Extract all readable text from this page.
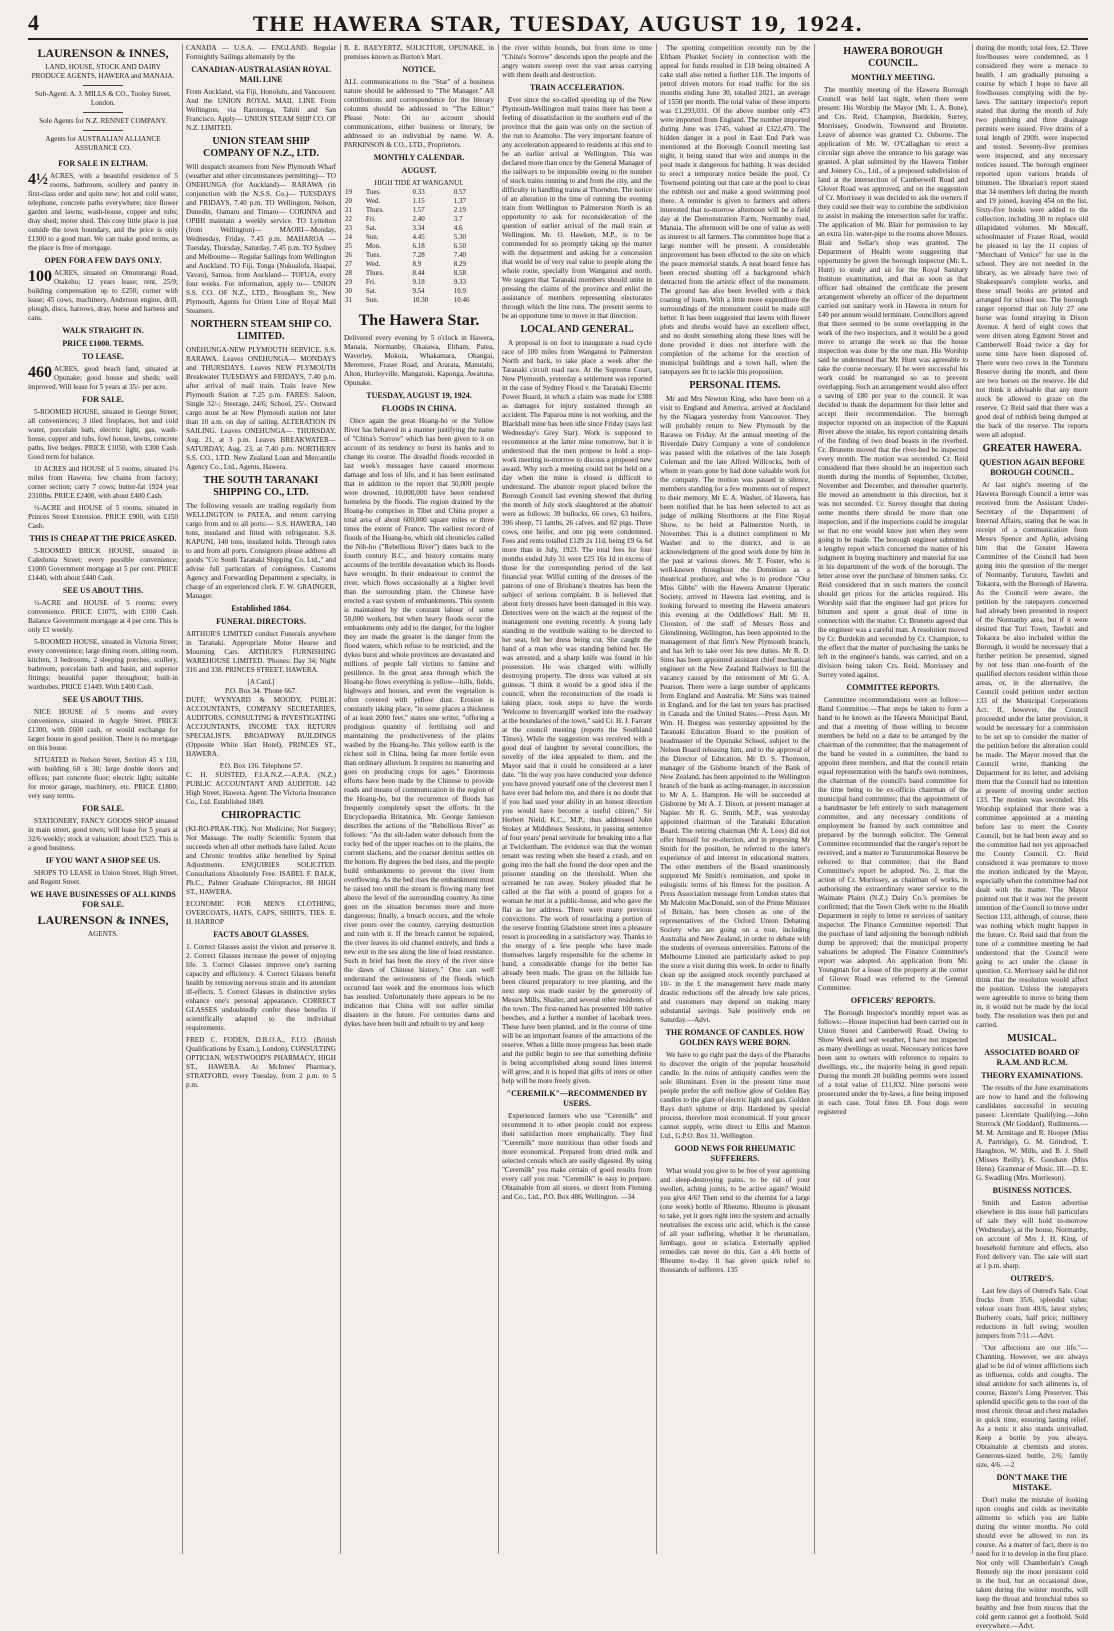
4	THE HAWERA STAR, TUESDAY, AUGUST 19, 1924.
LAURENSON & INNES,
LAND, HOUSE, STOCK AND DAIRY PRODUCE AGENTS, HAWERA and MANAIA.
Sub-Agent: A. J. MILLS & CO., Tooley Street, London.
Sole Agents for N.Z. RENNET COMPANY.
Agents for AUSTRALIAN ALLIANCE ASSURANCE CO.
FOR SALE IN ELTHAM.

4½ ACRES, with a beautiful residence of 5 rooms, bathroom, scullery and pantry in first-class order and quite new; hot and cold water, telephone, concrete paths everywhere; nice flower garden and lawns; wash-house, copper and tubs; dray shed; motor shed. This cosy little place is just outside the town boundary, and the price is only £1300 to a good man. We can make good terms, as the place is free of mortgage.

OPEN FOR A FEW DAYS ONLY.

100 ACRES, situated on Omuturangi Road, Otakeho; 12 years lease; rent, 25/9; building compensation up to £250; corner with lease; 45 cows, machinery, Anderson engine, drill, plough, discs, harrows, dray, horse and harness and cans.

WALK STRAIGHT IN.
PRICE £1000. TERMS.
TO LEASE.

460 ACRES, good beach land, situated at Opunake; good house and sheds; well improved. Will lease for 5 years at 35/- per acre.

FOR SALE.

5-ROOMED HOUSE, situated in George Street; all conveniences; 3 tiled fireplaces, hot and cold water, porcelain bath, electric light, gas, wash-house, copper and tubs, fowl house, lawns, concrete paths, live hedges. PRICE £1050, with £300 Cash. Good term for balance.

10 ACRES and HOUSE of 5 rooms, situated 1¼ miles from Hawera; few chains from factory; corner section; carry 7 cows; butter-fat 1924 year 2310lbs. PRICE £2400, with about £400 Cash.

½-ACRE and HOUSE of 5 rooms, situated in Princes Street Extension. PRICE £900, with £150 Cash.

THIS IS CHEAP AT THE PRICE ASKED.

5-ROOMED BRICK HOUSE, situated in Caledonia Street; every possible convenience; £1000 Government mortgage at 5 per cent. PRICE £1440, with about £440 Cash.

SEE US ABOUT THIS.

½-ACRE and HOUSE of 5 rooms; every convenience. PRICE £1075, with £100 Cash. Balance Government mortgage at 4 per cent. This is only £1 weekly.

5-ROOMED HOUSE, situated in Victoria Street; every convenience; large dining room, sitting room, kitchen, 3 bedrooms, 2 sleeping porches, scullery, bathroom, porcelain bath and basin, and superior fittings; beautiful paper throughout; built-in wardrobes. PRICE £1449. With £400 Cash.

SEE US ABOUT THIS.

NICE HOUSE of 5 rooms and every convenience, situated in Argyle Street. PRICE £1300, with £600 cash, or would exchange for larger house in good position. There is no mortgage on this house.

SITUATED in Nelson Street, Section 45 x 110, with building 60 x 30; large double doors and offices; part concrete floor; electric light; suitable for motor garage, machinery, etc. PRICE £1800; very easy terms.

FOR SALE.

STATIONERY, FANCY GOODS SHOP situated in main street, good town; will lease for 5 years at 32/6 weekly; stock at valuation; about £525. This is a good business.

IF YOU WANT A SHOP SEE US.

SHOPS TO LEASE in Union Street, High Street, and Regent Street.

WE HAVE BUSINESSES OF ALL KINDS FOR SALE.
LAURENSON & INNES,
AGENTS.

CANADA — U.S.A. — ENGLAND. Regular Fortnightly Sailings alternately by the

CANADIAN-AUSTRALASIAN ROYAL MAIL LINE

From Auckland, via Fiji, Honolulu, and Vancouver. And the UNION ROYAL MAIL LINE From Wellington, via Rarotonga, Tahiti and San Francisco. Apply— UNION STEAM SHIP CO. OF N.Z. LIMITED.

UNION STEAM SHIP COMPANY OF N.Z., LTD.

Will despatch steamers from New Plymouth Wharf (weather and other circumstances permitting)— TO ONEHUNGA (for Auckland)— RARAWA (in conjunction with the N.S.S. Co.)— TUESDAYS and FRIDAYS, 7.40 p.m. TO Wellington, Nelson, Dunedin, Oamaru and Timaru— CORINNA and OPIHI maintain a weekly service. TO Lyttelton (from Wellington)— MAORI—Monday, Wednesday, Friday, 7.45 p.m. MAHAROA — Tuesday, Thursday, Saturday, 7.45 p.m. TO Sydney and Melbourne— Regular Sailings from Wellington and Auckland. TO Fiji, Tonga (Nukualofa, Haapai, Vavau), Samoa, from Auckland— TOFUA, every four weeks. For information, apply to— UNION S.S. CO. OF N.Z., LTD., Brougham St., New Plymouth, Agents for Orient Line of Royal Mail Steamers.

NORTHERN STEAM SHIP CO. LIMITED.

ONEHUNGA-NEW PLYMOUTH SERVICE. S.S. RARAWA. Leaves ONEHUNGA— MONDAYS and THURSDAYS. Leaves NEW PLYMOUTH Breakwater TUESDAYS and FRIDAYS, 7.40 p.m. after arrival of mail train. Train leave New Plymouth Station at 7.25 p.m. FARES: Saloon, Single 32/-; Steerage, 24/6; School, 25/-. Outward cargo must be at New Plymouth station not later than 10 a.m. on day of sailing. ALTERATION IN SAILING. Leaves ONEHUNGA— THURSDAY, Aug. 21, at 3 p.m. Leaves BREAKWATER— SATURDAY, Aug. 23, at 7.40 p.m. NORTHERN S.S. CO., LTD. New Zealand Loan and Mercantile Agency Co., Ltd., Agents, Hawera.

THE SOUTH TARANAKI SHIPPING CO., LTD.

The following vessels are trading regularly from WELLINGTON to PATEA, and return carrying cargo from and to all ports:— S.S. HAWERA, 140 tons, insulated and fitted with refrigerator. S.S. KAPUNI, 140 tons, insulated holds. Through rates to and from all ports. Consignors please address all goods "C/o South Taranaki Shipping Co. Ltd.," and advise full particulars of consignees. Customs Agency and Forwarding Department a specialty, in charge of an experienced clerk. F. W. GRAINGER, Manager.

Established 1864.
FUNERAL DIRECTORS.

ARTHUR'S LIMITED conduct Funerals anywhere in Taranaki. Appropriate Motor Hearse and Mourning Cars. ARTHUR'S FURNISHING WAREHOUSE LIMITED. 'Phones: Day 34; Night 316 and 338. PRINCES STREET, HAWERA.

[A Card.]
P.O. Box 34. 'Phone 667.

DUFF, WYNYARD & MOODY, PUBLIC ACCOUNTANTS, COMPANY SECRETARIES, AUDITORS, CONSULTING & INVESTIGATING ACCOUNTANTS, INCOME TAX RETURN SPECIALISTS. BROADWAY BUILDINGS (Opposite White Hart Hotel), PRINCES ST., HAWERA.

P.O. Box 136. Telephone 57.

C. H. SUISTED, F.I.A.N.Z.—A.P.A. (N.Z.) PUBLIC ACCOUNTANT AND AUDITOR. 142 High Street, Hawera. Agent: The Victoria Insurance Co., Ltd. Established 1849.

CHIROPRACTIC

(KI-RO-PRAK-TIK). Not Medicine; Not Surgery; Not Massage. The really Scientific System that succeeds when all other methods have failed. Acute and Chronic troubles alike benefited by Spinal Adjustments. ENQUIRIES SOLICITED. Consultations Absolutely Free. ISABEL F. BALK, Ph.C., Palmer Graduate Chiropractor, 88 HIGH ST., HAWERA.

ECONOMIC FOR MEN'S CLOTHING, OVERCOATS, HATS, CAPS, SHIRTS, TIES. E. H. HARROP

FACTS ABOUT GLASSES.

1. Correct Glasses assist the vision and preserve it. 2. Correct Glasses increase the power of enjoying life. 3. Correct Glasses improve one's earning capacity and efficiency. 4. Correct Glasses benefit health by removing nervous strain and its attendant ill-effects. 5. Correct Glasses in distinctive styles enhance one's personal appearance. CORRECT GLASSES undoubtedly confer these benefits if scientifically adapted to the individual requirements.

FRED C. FODEN, D.B.O.A., F.I.O. (British Qualifications by Exam.), London), CONSULTING OPTICIAN, WESTWOOD'S PHARMACY, HIGH ST., HAWERA. At McInnes' Pharmacy, STRATFORD, every Tuesday, from 2 p.m. to 5 p.m.

R. E. BAEYERTZ, SOLICITOR, OPUNAKE, in premises known as Burton's Mart.

NOTICE.

ALL communications to the "Star" of a business nature should be addressed to "The Manager." All contributions and correspondence for the literary columns should be addressed to "The Editor." Please Note: On no account should communications, either business or literary, be addressed to an individual by name. W. A. PARKINSON & CO., LTD., Proprietors.

MONTHLY CALENDAR.
AUGUST.
HIGH TIDE AT WANGANUI.
19	Tues.	0.33	0.57
20	Wed.	1.15	1.37
21	Thurs.	1.57	2.19
22	Fri.	2.40	3.7
23	Sat.	3.34	4.6
24	Sun.	4.45	5.30
25	Mon.	6.18	6.50
26	Tues.	7.28	7.40
27	Wed.	8.9	8.29
28	Thurs.	8.44	8.58
29	Fri.	9.18	9.33
30	Sat.	9.54	10.9
31	Sun.	10.30	10.46
The Hawera Star.

Delivered every evening by 5 o'clock in Hawera, Manaia, Normanby, Okaiawa, Eltham, Patea, Waverley, Mokoia, Whakamara, Ohangai, Meremere, Fraser Road, and Ararata, Manutahi, Alton, Hurleyville, Mangatoki, Kaponga, Awatuna, Opunake.

TUESDAY, AUGUST 19, 1924.
FLOODS IN CHINA.

Once again the great Hoang-ho or the Yellow River has behaved in a manner justifying the name of "China's Sorrow" which has been given to it on account of its tendency to burst its banks and to change its course. The dreadful floods recorded in last week's messages have caused enormous damage and loss of life, and it has been estimated that in addition to the report that 50,000 people were drowned, 10,000,000 have been rendered homeless by the floods. The region drained by the Hoang-ho comprises in Tibet and China proper a total area of about 600,000 square miles or three times the extent of France. The earliest record of floods of the Hoang-ho, which old chronicles called the Nih-ho ("Rebellious River") dates back to the fourth century B.C., and history contains many accounts of the terrible devastation which its floods have wrought. In their endeavour to control the river, which flows occasionally at a higher level than the surrounding plain, the Chinese have erected a vast system of embankments. This system is maintained by the constant labour of some 50,000 workers, but when heavy floods occur the embankments only add to the danger, for the higher they are made the greater is the danger from the flood waters, which refuse to be restricted, and the dykes burst and whole provinces are devastated and millions of people fall victims to famine and pestilence. In the great area through which the Hoang-ho flows everything is yellow—hills, fields, highways and houses, and even the vegetation is often covered with yellow dust. Erosion is constantly taking place, "in some places a thickness of at least 2000 feet," states one writer, "offering a prodigious quantity of fertilising soil and maintaining the productiveness of the plains washed by the Hoang-ho. This yellow earth is the richest soil in China, being far more fertile even than ordinary alluvium. It requires no manuring and goes on producing crops for ages." Enormous efforts have been made by the Chinese to provide roads and means of communication in the region of the Hoang-ho, but the recurrence of floods has frequently completely upset the efforts. In the Encyclopaedia Britannica, Mr. George Jamieson describes the actions of the "Rebellious River" as follows: "As the silt-laden water debouch from the rocky bed of the upper reaches on to the plains, the current slackens, and the coarser detritus settles on the bottom. By degrees the bed rises, and the people build embankments to prevent the river from overflowing. As the bed rises the embankment must be raised too until the stream is flowing many feet above the level of the surrounding country. As time goes on the situation becomes more and more dangerous; finally, a breach occurs, and the whole river pours over the country, carrying destruction and ruin with it. If the breach cannot be repaired, the river leaves its old channel entirely, and finds a new exit to the sea along the line of least resistance. Such in brief has been the story of the river since the dawn of Chinese history." One can well understand the seriousness of the floods which occurred last week and the enormous loss which has resulted. Unfortunately there appears to be no indication that China will not suffer similar disasters in the future. For centuries dams and dykes have been built and rebuilt to try and keep

the river within bounds, but from time to time "China's Sorrow" descends upon the people and the angry waters sweep over the vast areas carrying with them death and destruction.

TRAIN ACCELERATION.

Ever since the so-called speeding up of the New Plymouth-Wellington mail trains there has been a feeling of dissatisfaction in the southern end of the province that the gain was only on the section of the run to Aramoho. The very important feature of any acceleration appeared to residents at this end to be an earlier arrival at Wellington. This was declared more than once by the General Manager of the railways to be impossible owing to the number of stock trains running to and from the city, and the difficulty in handling trains at Thorndon. The notice of an alteration in the time of running the evening train from Wellington to Palmerston North is an opportunity to ask for reconsideration of the question of earlier arrival of the mail train at Wellington. Mr. O. Hawken, M.P., is to be commended for so promptly taking up the matter with the department and asking for a concession that would be of very real value to people along the whole route, specially from Wanganui and north. We suggest that Taranaki members should unite in pressing the claims of the province and enlist the assistance of members representing electorates through which the line runs. The present seems to be an opportune time to move in that direction.

LOCAL AND GENERAL.

A proposal is on foot to inaugurate a road cycle race of 100 miles from Wanganui to Palmerston North and back, to take place a week after the Taranaki circuit road race. At the Supreme Court, New Plymouth, yesterday a settlement was reported in the case of Sydney Flood v. the Taranaki Electric Power Board, in which a claim was made for £388 as damages for injury sustained through an accident. The Paparoa mine is not working, and the Blackball mine has been idle since Friday (says last Wednesday's Grey Star). Work is supposed to recommence at the latter mine tomorrow, but it is understood that the men propose to hold a stop-work meeting to-morrow to discuss a proposed new award. Why such a meeting could not be held on a day when the mine is closed is difficult to understand. The abattoir report placed before the Borough Council last evening showed that during the month of July stock slaughtered at the abattoir were as follows: 39 bullocks, 66 cows, 63 heifers, 396 sheep, 71 lambs, 26 calves, and 82 pigs. Three cows, one heifer, and one pig were condemned. Fees and rents totalled £129 2s 11d, being £9 6s 6d more than in July, 1923. The total fees for four months ended July 31 were £25 16s 1d in excess of those for the corresponding period of the last financial year. Wilful cutting of the dresses of the patrons of one of Brisbane's theatres has been the subject of serious complaint. It is believed that about forty dresses have been damaged in this way. Detectives were on the watch at the request of the management one evening recently. A young lady standing in the vestibule waiting to be directed to her seat, felt her dress being cut. She caught the hand of a man who was standing behind her. He was arrested, and a sharp knife was found in his possession. He was charged with wilfully destroying property. The dress was valued at six guineas. "I think it would be a good idea if the council, when the reconstruction of the roads is taking place, took steps to have the words 'Welcome to Invercargill' worked into the roadway at the boundaries of the town," said Cr. H. J. Farrant at the council meeting (reports the Southland Times). While the suggestion was received with a good deal of laughter by several councillors, the novelty of the idea appealed to them, and the Mayor said that it could be considered at a later date. "In the way you have conducted your defence you have proved yourself one of the cleverest men I have ever had before me, and there is no doubt that if you had used your ability in an honest direction you would have become a useful citizen," Sir Herbert Nield, K.C., M.P., thus addressed John Stokey at Middlesex Sessions, in passing sentence of four years' penal servitude for breaking into a flat at Twickenham. The evidence was that the woman tenant was resting when she heard a crash, and on going into the hall she found the door open and the prisoner standing on the threshold. When she screamed he ran away. Stokey pleaded that he called at the flat with a pound of grapes for a woman he met in a public-house, and who gave the flat as her address. There were many previous convictions. The work of resurfacing a portion of the reserve fronting Gladstone street into a pleasure resort is proceeding in a satisfactory way. Thanks to the energy of a few people who have made themselves largely responsible for the scheme in hand, a considerable change for the better has already been made. The grass on the hillside has been cleared preparatory to tree planting, and the next step was made easier by the generosity of Messrs Mills, Shailer, and several other residents of the town. The first-named has presented 100 native beeches, and a further a number of lacebark trees. These have been planted, and in the course of time will be an important feature of the attractions of the reserve. When a little more progress has been made and the public begin to see that something definite is being accomplished along sound lines interest will grow, and it is hoped that gifts of trees or other help will be more freely given.

"CEREMILK"—RECOMMENDED BY USERS.

Experienced farmers who use "Ceremilk" and recommend it to other people could not express their satisfaction more emphatically. They find "Ceremilk" more nutritious than other foods and more economical. Prepared from dried milk and selected cereals which are easily digested. By using "Ceremilk" you make certain of good results from every calf you rear. "Ceremilk" is easy to prepare. Obtainable from all stores, or direct from Fleming and Co., Ltd., P.O. Box 486, Wellington. —34

The spotting competition recently run by the Eltham Plunket Society in connection with the appeal for funds resulted in £18 being obtained. A cake stall also netted a further £18. The imports of petrol driven motors for road traffic for the six months ending June 30, totalled 2021, an average of 1550 per month. The total value of these imports was £1,293,031. Of the above number only 473 were imported from England. The number imported during June was 1745, valued at £322,470. The hidden danger in a pool in East End Park was mentioned at the Borough Council meeting last night, it being stated that wire and stumps in the pool made it dangerous for bathing. It was decided to erect a temporary notice beside the pool, Cr Townsend pointing out that care at the pool to clear the rubbish out and make a good swimming pool there. A reminder is given to farmers and others interested that to-morrow afternoon will be a field day at the Demonstration Farm, Normanby road, Manaia. The afternoon will be one of value as well as interest to all farmers. The committee hope that a large number will be present. A considerable improvement has been effected to the site on which the peace memorial stands. A neat board fence has been erected shutting off a background which detracted from the artistic effect of the monument. The ground has also been levelled with a thick coating of loam. With a little more expenditure the surroundings of the monument could be made still better. It has been suggested that lawns with flower plots and shrubs would have an excellent effect, and no doubt something along these lines will be done provided it does not interfere with the completion of the scheme for the erection of municipal buildings and a town hall, when the ratepayers see fit to tackle this proposition.

PERSONAL ITEMS.

Mr and Mrs Newton King, who have been on a visit to England and America, arrived at Auckland by the Niagara yesterday from Vancouver. They will probably return to New Plymouth by the Rarawa on Friday. At the annual meeting of the Riverdale Dairy Company a vote of condolence was passed with the relatives of the late Joseph Coleman and the late Alfred Willcocks, both of whom in years gone by had done valuable work for the company. The motion was passed in silence, members standing for a few moments out of respect to their memory. Mr E. A. Washer, of Hawera, has been notified that he has been selected to act as judge of milking Shorthorns at the Fine Royal Show, to be held at Palmerston North, in November. This is a distinct compliment to Mr Washer and to the district, and is an acknowledgment of the good work done by him in the past at various shows. Mr T. Foster, who is well-known throughout the Dominion as a theatrical producer, and who is to produce "Our Miss Gibbs" with the Hawera Amateur Operatic Society, arrived in Hawera last evening, and is looking forward to meeting the Hawera amateurs this evening at the Oddfellows' Hall. Mr H. Clouston, of the staff of Messrs Ross and Glendinning, Wellington, has been appointed to the management of that firm's New Plymouth branch, and has left to take over his new duties. Mr R. D. Sims has been appointed assistant chief mechanical engineer on the New Zealand Railways to fill the vacancy caused by the retirement of Mr G. A. Pearson. There were a large number of applicants from England and Australia. Mr Sims was trained in England, and for the last ten years has practised in Canada and the United States.—Press Assn. Mr Wm. H. Burgess was yesterday appointed by the Taranaki Education Board to the position of headmaster of the Opunake School, subject to the Nelson Board releasing him, and to the approval of the Director of Education. Mr D. S. Thomson, manager of the Gisborne branch of the Bank of New Zealand, has been appointed to the Wellington branch of the bank as acting-manager, in succession to Mr A. L. Hampton. He will be succeeded at Gisborne by Mr A. J. Dixon, at present manager at Napier. Mr R. G. Smith, M.P., was yesterday appointed chairman of the Taranaki Education Board. The retiring chairman (Mr A. Lees) did not offer himself for re-election, and in proposing Mr Smith for the position, he referred to the latter's experience of and interest in educational matters. The other members of the Board unanimously supported Mr Smith's nomination, and spoke in eulogistic terms of his fitness for the position. A Press Association message from London states that Mr Malcolm MacDonald, son of the Prime Minister of Britain, has been chosen as one of the representatives of the Oxford Union Debating Society who are going on a tour, including Australia and New Zealand, in order to debate with the students of overseas universities. Patrons of the Melbourne Limited are particularly asked to pop the store a visit during this week. In order to finally clean up the assigned stock recently purchased at 10/- in the £ the management have made many drastic reductions off the already low sale prices, and customers may depend on making many substantial savings. Sale positively ends on Saturday.—Advt.

THE ROMANCE OF CANDLES. HOW GOLDEN RAYS WERE BORN.

We have to go right past the days of the Pharaohs to discover the origin of the popular household candle. In the ruins of antiquity candles were the sole illuminant. Even in the present time most people prefer the soft mellow glow of Golden Ray candles to the glare of electric light and gas. Golden Rays don't splutter or drip. Hardened by special process, therefore most economical. If your grocer cannot supply, write direct to Ellis and Manton Ltd., G.P.O. Box 31, Wellington.

GOOD NEWS FOR RHEUMATIC SUFFERERS.

What would you give to be free of your agonising and sleep-destroying pains, to be rid of your swollen, aching joints, to be active again? Would you give 4/6? Then send to the chemist for a large (one week) bottle of Rheumo. Rheumo is pleasant to take, yet it goes right into the system and actually neutralises the excess uric acid, which is the cause of all your suffering, whether it be rheumatism, lumbago, gout or sciatica. Externally applied remedies can never do this. Get a 4/6 bottle of Rheumo to-day. It has given quick relief to thousands of sufferers. 135

HAWERA BOROUGH COUNCIL.
MONTHLY MEETING.

The monthly meeting of the Hawera Borough Council was held last night, when there were present: His Worship the Mayor (Mr. L. A. Bone), and Crs. Reid, Champion, Burdekin, Surrey, Morrissey, Goodwin, Townsend and Brunette. Leave of absence was granted Cr. Osborne. The application of Mr. W. O'Callaghan to erect a circular sign above the entrance to his garage was granted. A plan submitted by the Hawera Timber and Joinery Co., Ltd., of a proposed subdivision of land at the intersection of Camberwell Road and Glover Road was approved, and on the suggestion of Cr. Morrissey it was decided to ask the owners if they could see their way to combine the subdivision to assist in making the intersection safer for traffic. The application of Mr. Blair for permission to lay an extra 1in. water-pipe to the rooms above Messrs. Blair and Sellar's shop was granted. The Department of Health wrote suggesting that opportunity be given the borough inspector (Mr. L. Hunt) to study and sit for the Royal Sanitary Institute examination, and that as soon as that officer had obtained the certificate the present arrangement whereby an officer of the department carried out sanitary work in Hawera in return for £40 per annum would terminate. Councillors agreed that there seemed to be some overlapping in the work of the two inspectors, and it would be a good move to arrange the work so that the house inspection was done by the one man. His Worship said he understood that Mr. Hunt was agreeable to take the course necessary. If he were successful his work could be rearranged so as to prevent overlapping. Such an arrangement would also effect a saving of £80 per year to the council. It was decided to thank the department for their letter and accept their recommendation. The borough inspector reported on an inspection of the Kapuni River above the intake, his report containing details of the finding of two dead beasts in the riverbed. Cr. Brunette moved that the river-bed be inspected every month. The motion was seconded. Cr. Reid considered that there should be an inspection each month during the months of September, October, November and December, and thereafter quarterly. He moved an amendment in this direction, but it was not seconded. Cr. Surrey thought that during some months there should be more than one inspection, and if the inspections could be irregular so that no one would know just when they were going to be made. The borough engineer submitted a lengthy report which concerned the matter of his judgment in buying machinery and material for use in his department of the work of the borough. The letter arose over the purchase of bitumen tanks. Cr. Reid considered that in such matters the council should get prices for the articles required. His Worship said that the engineer had got prices for bitumen and spent a great deal of time in connection with the matter. Cr. Brunette agreed that the engineer was a careful man. A resolution moved by Cr. Burdekin and seconded by Cr. Champion, to the effect that the matter of purchasing the tanks be left in the engineer's hands, was carried, and on a division being taken Crs. Reid, Morrissey and Surrey voted against.

COMMITTEE REPORTS.

Committee recommendations were as follow:— Band Committee.—That steps be taken to form a band to be known as the Hawera Municipal Band, and that a meeting of those willing to become members be held on a date to be arranged by the chairman of the committee; that the management of the band be vested in a committee, the band to appoint three members, and that the council retain equal representation with the band's own nominees, the chairman of the council's band committee for the time being to be ex-officio chairman of the municipal band committee; that the appointment of a bandmaster be left entirely to such management committee, and any necessary conditions of employment be framed by such committee and prepared by the borough solicitor. The General Committee recommended that the ranger's report be received, and a matter re Turuturumokai Reserve be referred to that committee; that the Band Committee's report be adopted. No. 2, that the action of Cr. Morrissey, as chairman of works, in authorising the extraordinary water service to the Waimate Plains (N.Z.) Dairy Co.'s premises be confirmed; that the Town Clerk write to the Health Department in reply to letter re services of sanitary inspector. The Finance Committee reported: That the purchase of land adjoining the borough rubbish dump be approved; that the municipal property valuations be adopted. The Finance Committee's report was adopted. An application from Mr. Youngman for a lease of the property at the corner of Glover Road was referred to the General Committee.

OFFICERS' REPORTS.

The Borough Inspector's monthly report was as follows:—House inspection had been carried out in Union Street and Camberwell Road. Owing to Show Week and wet weather, I have not inspected as many dwellings as usual. Necessary notices have been sent to owners with reference to repairs to dwellings, etc., the majority being in good repair. During the month 20 building permits were issued of a total value of £11,832. Nine persons were prosecuted under the by-laws, a fine being imposed in each case. Total fines £8. Four dogs were registered

during the month; total fees, £2. Three fowlhouses were condemned, as I considered they were a menace to health. I am gradually pursuing a course by which I hope to have all fowlhouses complying with the by-laws. The sanitary inspector's report stated that during the month of July two plumbing and three drainage permits were issued. Five drains of a total length of 290ft. were inspected and tested. Seventy-five premises were inspected, and any necessary notices issued. The borough engineer reported upon various brands of bitumen. The librarian's report stated that 34 members left during the month and 19 joined, leaving 454 on the list. Sixty-five books were added to the collection, including 30 to replace old dilapidated volumes. Mr Metcalf, schoolmaster of Fraser Road, would be pleased to lay the 11 copies of "Merchant of Venice" for use in the school. They are not needed in the library, as we already have two of Shakespeare's complete works, and these small books are printed and arranged for school use. The borough ranger reported that on July 27 one horse was found straying in Dixon Avenue. A herd of eight cows that were driven along Egmont Street and Camberwell Road twice a day for some time have been disposed of. There were two cows in the Turuturu Reserve during the month, and there are two horses on the reserve. He did not think it advisable that any more stock be allowed to graze on the reserve. Cr Reid said that there was a good deal of rubbish being dumped at the back of the reserve. The reports were all adopted.

GREATER HAWERA.
QUESTION AGAIN BEFORE BOROUGH COUNCIL.

At last night's meeting of the Hawera Borough Council a letter was received from the Assistant Under-Secretary of the Department of Internal Affairs, stating that he was in receipt of a communication from Messrs Spence and Aplin, advising him that the Greater Hawera Committee of the Council had been going into the question of the merger of Normanby, Turuturu, Tawhiti and Tokaora, with the Borough of Hawera. As the Council were aware, the petition by the ratepayers concerned had already been presented in respect of the Normanby area, but if it were desired that Turi Town, Tawhiti and Tokaora be also included within the Borough, it would be necessary that a further petition be presented, signed by not less than one-fourth of the qualified electors resident within those areas, or, in the alternative, the Council could petition under section 133 of the Municipal Corporations Act. If, however, the Council proceeded under the latter provision, it would be necessary for a commission to be set up to consider the matter of the petition before the alteration could be made. The Mayor moved that the Council write, thanking the Department for its letter, and advising them that the Council had no intention at present of moving under section 133. The motion was seconded. His Worship explained that there was a committee appointed at a meeting before last to meet the County Council, but he had been away and so the committee had not yet approached the County Council. Cr. Reid considered it was premature to move the motion indicated by the Mayor, especially when the committee had not dealt with the matter. The Mayor pointed out that it was not the present intention of the Council to move under Section 133, although, of course, there was nothing which might happen in the future. Cr. Reid said that from the tone of a committee meeting he had understood that the Council were going to act under the clause in question. Cr. Morrissey said he did not think that the resolution would affect the position. Unless the ratepayers were agreeable to move to bring them in, it would not be made by the local body. The resolution was then put and carried.

MUSICAL.
ASSOCIATED BOARD OF R.A.M. AND R.C.M.
THEORY EXAMINATIONS.

The results of the June examinations are now to hand and the following candidates successful in securing passes: Licentiate Qualifying.—John Sturrock (Mr Goddard). Rudiments.—M. M. Armitage and R. Hooper (Miss A. Partridge), G. M. Grindrod, T. Haughton, W. Mills, and B. J. Shell (Misses Reilly), K. Goodson (Miss Henn). Grammar of Music, III.—D. E. G. Swadling (Mrs. Morrieson).

BUSINESS NOTICES.

Smith and Easton advertise elsewhere in this issue full particulars of sale they will hold to-morrow (Wednesday), at the house, Normanby, on account of Mrs J. H. King, of household furniture and effects, also Ford delivery van. The sale will start at 1 p.m. sharp.

OUTRED'S.

Last few days of Outred's Sale. Coat frocks from 35/6, splendid value; velour coats from 49/6, latest styles; Burberry coats, half price; millinery reductions in full swing; woollen jumpers from 7/11.—Advt.

"Our affections are our life."—Channing. However, we are always glad to be rid of winter afflictions such as influenza, colds and coughs. The ideal antidote for such ailments is, of course, Baxter's Lung Preserver. This splendid specific gets to the root of the most chronic throat and chest maladies in quick time, ensuring lasting relief. As a tonic it also stands unrivalled. Keep a bottle by you always. Obtainable at chemists and stores. Generous-sized bottle, 2/6; family size, 4/6. —2

DON'T MAKE THE MISTAKE.

Don't make the mistake of looking upon coughs and colds as inevitable ailments to which you are liable during the winter months. No cold should ever be allowed to run its course. As a matter of fact, there is no need for it to develop in the first place. Not only will Chamberlain's Cough Remedy nip the most persistent cold in the bud, but an occasional dose, taken during the winter months, will keep the throat and bronchial tubes so healthy and free from mucus that the cold germ cannot get a foothold. Sold everywhere.—Advt.
